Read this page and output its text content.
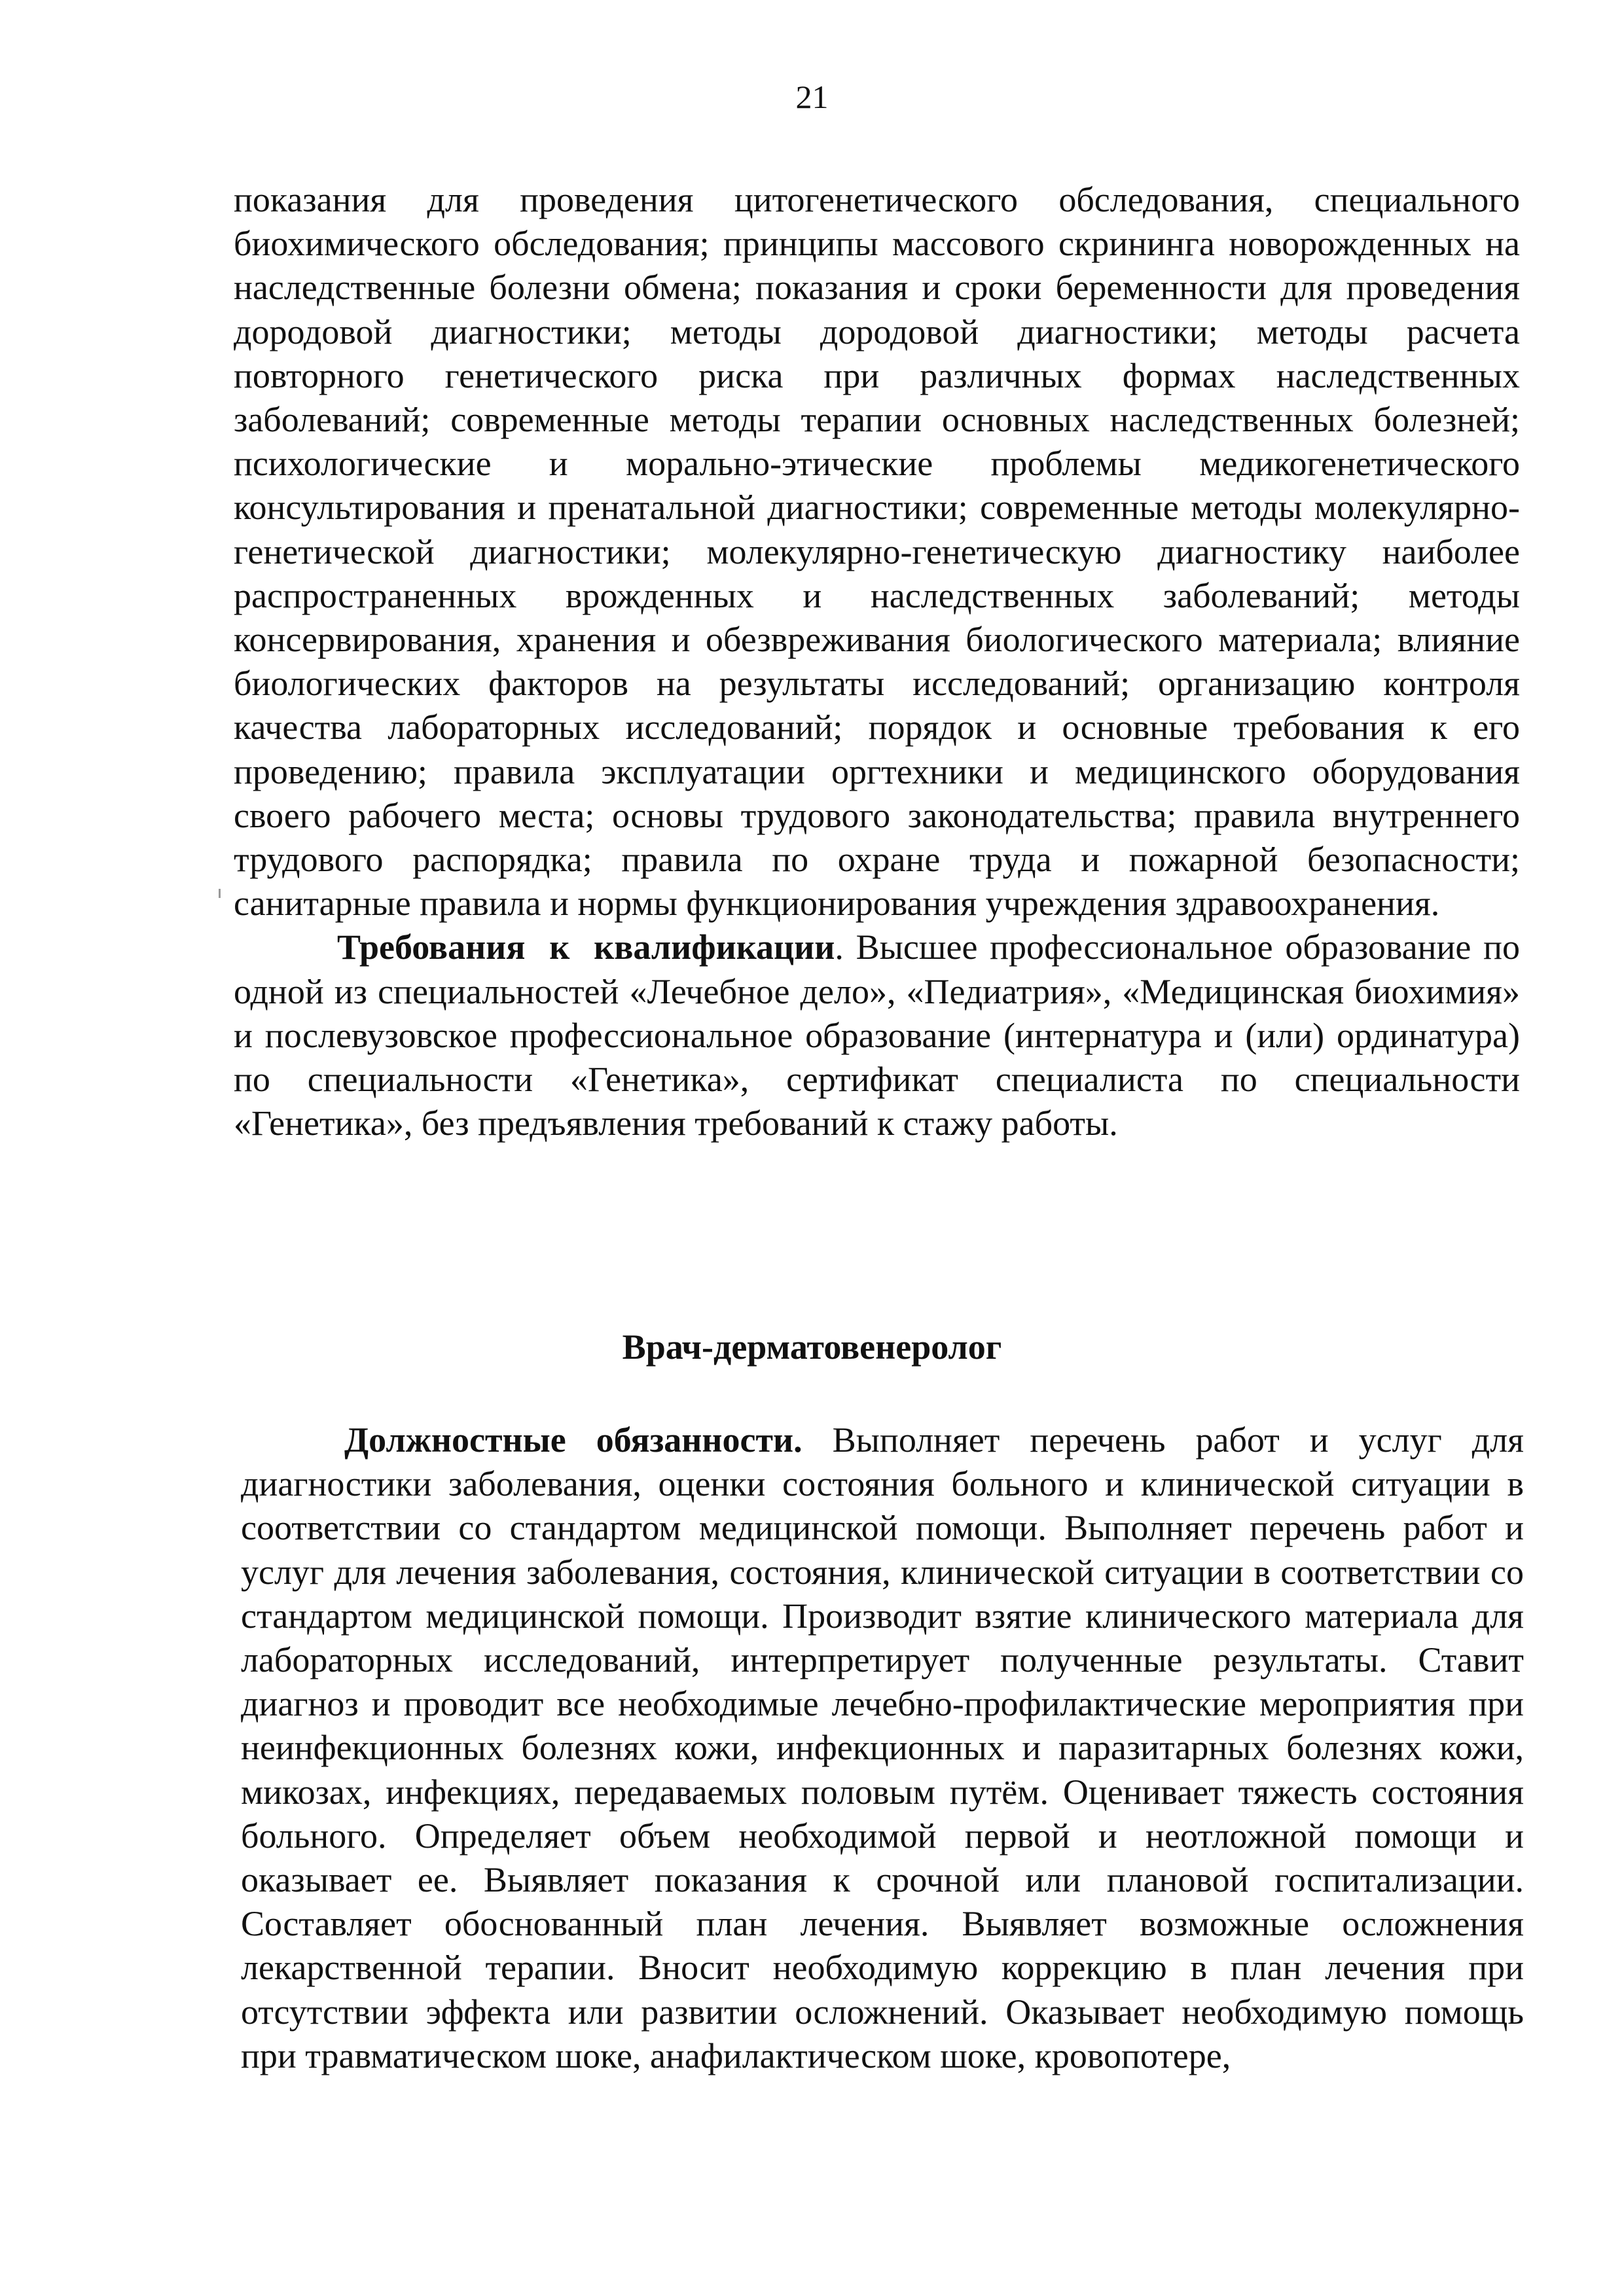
21

показания для проведения цитогенетического обследования, специального биохимического обследования; принципы массового скрининга новорожденных на наследственные болезни обмена; показания и сроки беременности для проведения дородовой диагностики; методы дородовой диагностики; методы расчета повторного генетического риска при различных формах наследственных заболеваний; современные методы терапии основных наследственных болезней; психологические и морально-этические проблемы медикогенетического консультирования и пренатальной диагностики; современные методы молекулярно-генетической диагностики; молекулярно-генетическую диагностику наиболее распространенных врожденных и наследственных заболеваний; методы консервирования, хранения и обезвреживания биологического материала; влияние биологических факторов на результаты исследований; организацию контроля качества лабораторных исследований; порядок и основные требования к его проведению; правила эксплуатации оргтехники и медицинского оборудования своего рабочего места; основы трудового законодательства; правила внутреннего трудового распорядка; правила по охране труда и пожарной безопасности; санитарные правила и нормы функционирования учреждения здравоохранения.

Требования к квалификации. Высшее профессиональное образование по одной из специальностей «Лечебное дело», «Педиатрия», «Медицинская биохимия» и послевузовское профессиональное образование (интернатура и (или) ординатура) по специальности «Генетика», сертификат специалиста по специальности «Генетика», без предъявления требований к стажу работы.

Врач-дерматовенеролог

Должностные обязанности. Выполняет перечень работ и услуг для диагностики заболевания, оценки состояния больного и клинической ситуации в соответствии со стандартом медицинской помощи. Выполняет перечень работ и услуг для лечения заболевания, состояния, клинической ситуации в соответствии со стандартом медицинской помощи. Производит взятие клинического материала для лабораторных исследований, интерпретирует полученные результаты. Ставит диагноз и проводит все необходимые лечебно-профилактические мероприятия при неинфекционных болезнях кожи, инфекционных и паразитарных болезнях кожи, микозах, инфекциях, передаваемых половым путём. Оценивает тяжесть состояния больного. Определяет объем необходимой первой и неотложной помощи и оказывает ее. Выявляет показания к срочной или плановой госпитализации. Составляет обоснованный план лечения. Выявляет возможные осложнения лекарственной терапии. Вносит необходимую коррекцию в план лечения при отсутствии эффекта или развитии осложнений. Оказывает необходимую помощь при травматическом шоке, анафилактическом шоке, кровопотере,
